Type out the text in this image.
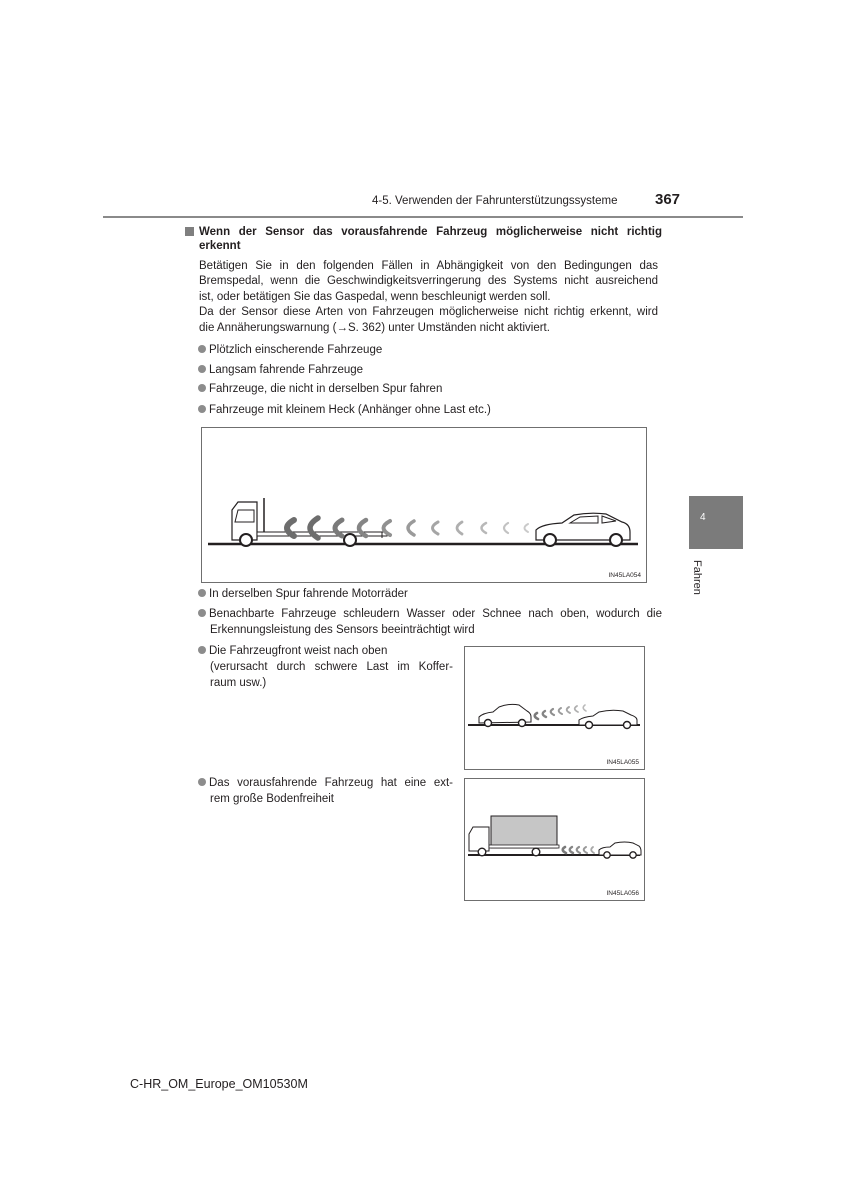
4-5. Verwenden der Fahrunterstützungssysteme	367
Wenn der Sensor das vorausfahrende Fahrzeug möglicherweise nicht richtig
erkennt
Betätigen Sie in den folgenden Fällen in Abhängigkeit von den Bedingungen das
Bremspedal, wenn die Geschwindigkeitsverringerung des Systems nicht ausreichend
ist, oder betätigen Sie das Gaspedal, wenn beschleunigt werden soll.
Da der Sensor diese Arten von Fahrzeugen möglicherweise nicht richtig erkennt, wird
die Annäherungswarnung (→S. 362) unter Umständen nicht aktiviert.
Plötzlich einscherende Fahrzeuge
Langsam fahrende Fahrzeuge
Fahrzeuge, die nicht in derselben Spur fahren
Fahrzeuge mit kleinem Heck (Anhänger ohne Last etc.)
IN45LA054
In derselben Spur fahrende Motorräder
Benachbarte Fahrzeuge schleudern Wasser oder Schnee nach oben, wodurch die
Erkennungsleistung des Sensors beeinträchtigt wird
Die Fahrzeugfront weist nach oben
(verursacht durch schwere Last im Koffer-
raum usw.)
IN45LA055
Das vorausfahrende Fahrzeug hat eine ext-
rem große Bodenfreiheit
IN45LA056
4
Fahren
C-HR_OM_Europe_OM10530M
